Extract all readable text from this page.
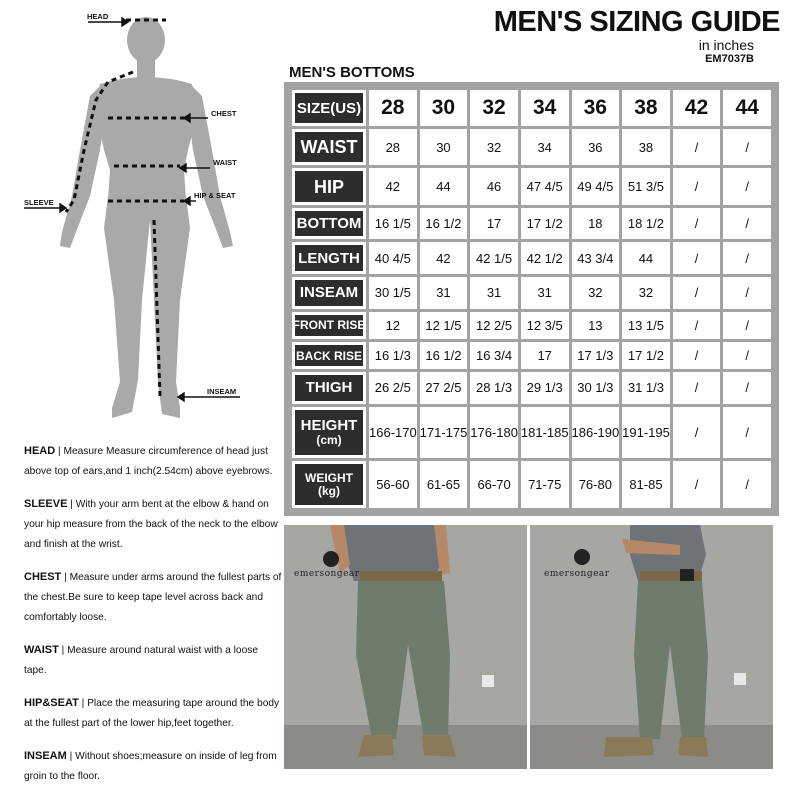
MEN'S SIZING GUIDE
in inches
EM7037B
MEN'S BOTTOMS
HEAD
CHEST
WAIST
SLEEVE
HIP & SEAT
INSEAM
SIZE(US)	28	30	32	34	36	38	42	44

WAIST	28	30	32	34	36	38	/	/

HIP	42	44	46	47 4/5	49 4/5	51 3/5	/	/

BOTTOM	16 1/5	16 1/2	17	17 1/2	18	18 1/2	/	/

LENGTH	40 4/5	42	42 1/5	42 1/2	43 3/4	44	/	/

INSEAM	30 1/5	31	31	31	32	32	/	/

FRONT RISE	12	12 1/5	12 2/5	12 3/5	13	13 1/5	/	/

BACK RISE	16 1/3	16 1/2	16 3/4	17	17 1/3	17 1/2	/	/

THIGH	26 2/5	27 2/5	28 1/3	29 1/3	30 1/3	31 1/3	/	/

HEIGHT
(cm)	166-170	171-175	176-180	181-185	186-190	191-195	/	/

WEIGHT
(kg)	56-60	61-65	66-70	71-75	76-80	81-85	/	/
HEAD | Measure Measure circumference of head just above top of ears,and 1 inch(2.54cm) above eyebrows.
SLEEVE | With your arm bent at the elbow & hand on your hip measure from the back of the neck to the elbow and finish at the wrist.
CHEST | Measure under arms around the fullest parts of the chest.Be sure to keep tape level across back and comfortably loose.
WAIST | Measure around natural waist with a loose tape.
HIP&SEAT | Place the measuring tape around the body at the fullest part of the lower hip,feet together.
INSEAM | Without shoes;measure on inside of leg from groin to the floor.
emersongear	emersongear
